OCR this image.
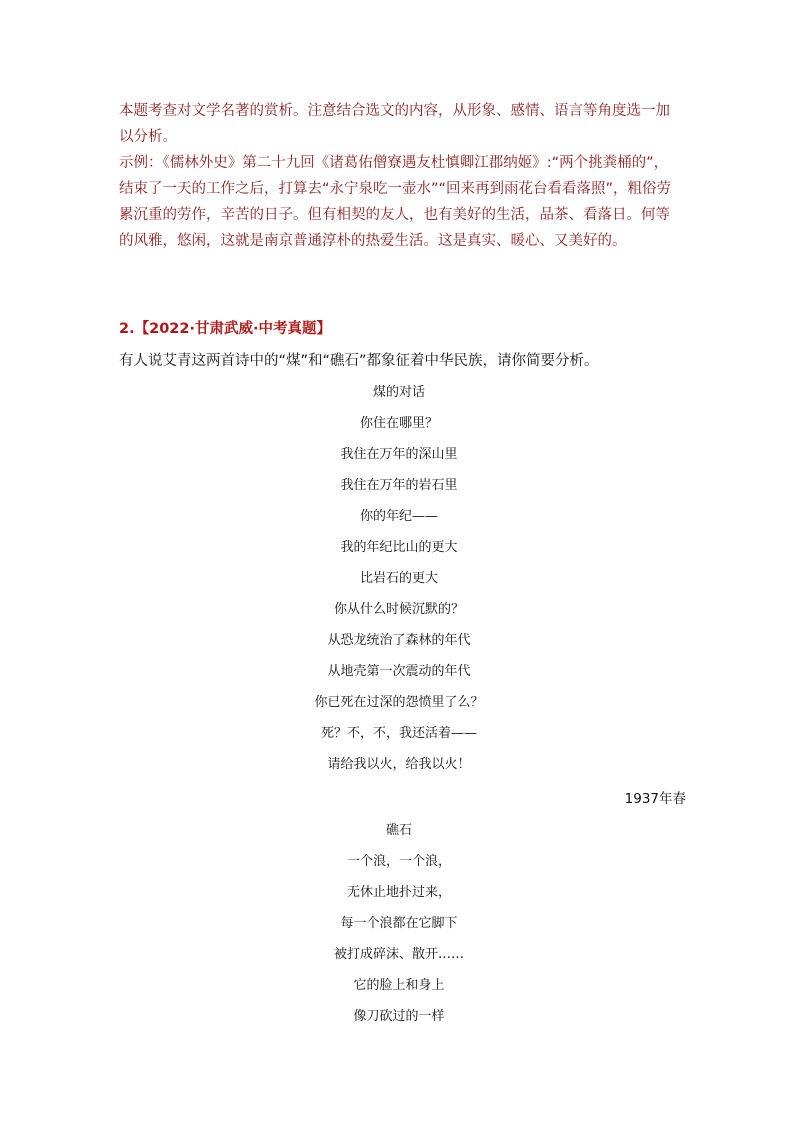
本题考查对文学名著的赏析。注意结合选文的内容，从形象、感情、语言等角度选一加以分析。

示例：《儒林外史》第二十九回《诸葛佑僧寮遇友杜慎卿江郡纳姬》:“两个挑粪桶的”，结束了一天的工作之后，打算去“永宁泉吃一壶水”“回来再到雨花台看看落照”，粗俗劳累沉重的劳作，辛苦的日子。但有相契的友人，也有美好的生活，品茶、看落日。何等的风雅，悠闲，这就是南京普通淳朴的热爱生活。这是真实、暖心、又美好的。

2.【2022·甘肃武威·中考真题】
有人说艾青这两首诗中的“煤”和“礁石”都象征着中华民族，请你简要分析。
煤的对话
你住在哪里？
我住在万年的深山里
我住在万年的岩石里
你的年纪——
我的年纪比山的更大
比岩石的更大
你从什么时候沉默的？
从恐龙统治了森林的年代
从地壳第一次震动的年代
你已死在过深的怨愤里了么？
死？不，不，我还活着——
请给我以火，给我以火！
1937年春
礁石
一个浪，一个浪，
无休止地扑过来，
每一个浪都在它脚下
被打成碎沫、散开……
它的脸上和身上
像刀砍过的一样
